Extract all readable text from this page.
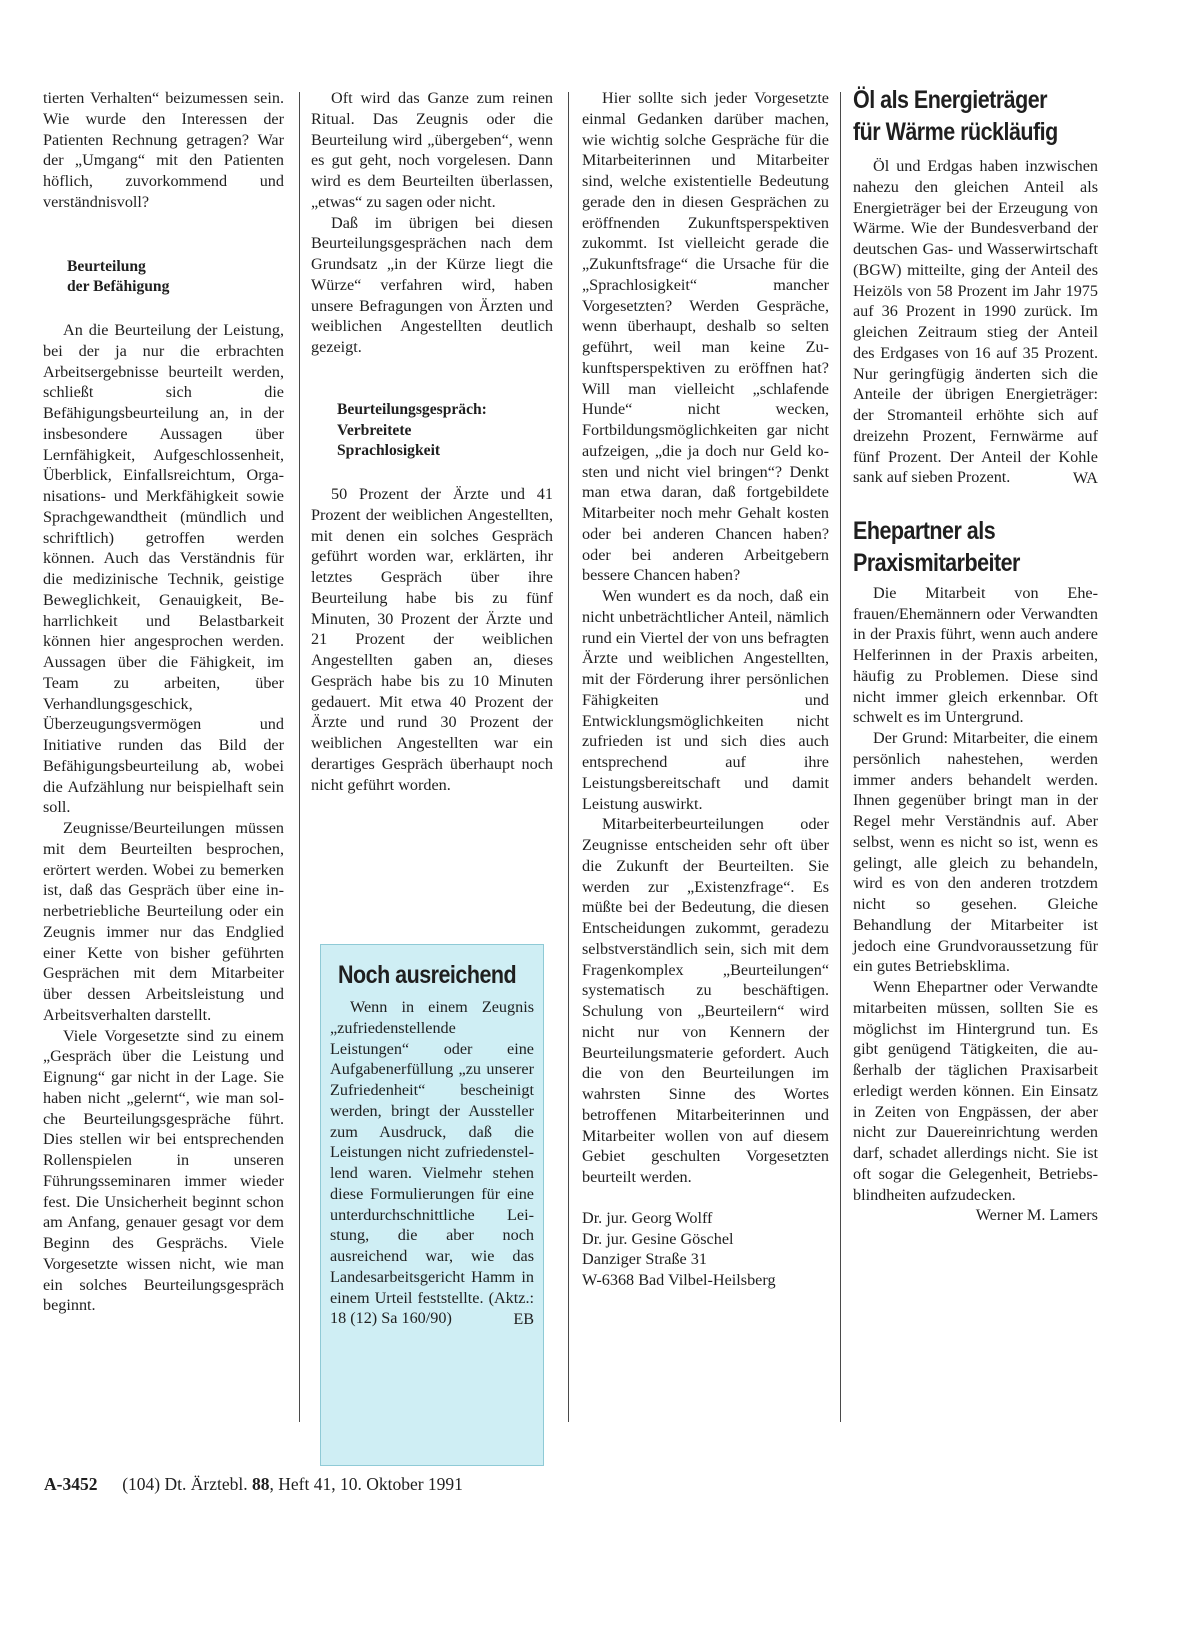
tierten Verhalten“ beizumessen sein. Wie wurde den Interessen der Patienten Rechnung getragen? War der „Umgang“ mit den Patienten höflich, zuvorkommend und verständnisvoll?

Beurteilung
der Befähigung

An die Beurteilung der Leistung, bei der ja nur die erbrachten Arbeitsergebnisse beurteilt werden, schließt sich die Befähigungsbeurteilung an, in der insbesondere Aussagen über Lernfähigkeit, Aufgeschlossenheit, Überblick, Einfallsreichtum, Organisations- und Merkfähigkeit sowie Sprachgewandtheit (mündlich und schriftlich) getroffen werden können. Auch das Verständnis für die medizinische Technik, geistige Beweglichkeit, Genauigkeit, Beharrlichkeit und Belastbarkeit können hier angesprochen werden. Aussagen über die Fähigkeit, im Team zu arbeiten, über Verhandlungsgeschick, Überzeugungsvermögen und Initiative runden das Bild der Befähigungsbeurteilung ab, wobei die Aufzählung nur beispielhaft sein soll.

Zeugnisse/Beurteilungen müssen mit dem Beurteilten besprochen, erörtert werden. Wobei zu bemerken ist, daß das Gespräch über eine innerbetriebliche Beurteilung oder ein Zeugnis immer nur das Endglied einer Kette von bisher geführten Gesprächen mit dem Mitarbeiter über dessen Arbeitsleistung und Arbeitsverhalten darstellt.

Viele Vorgesetzte sind zu einem „Gespräch über die Leistung und Eignung“ gar nicht in der Lage. Sie haben nicht „gelernt“, wie man solche Beurteilungsgespräche führt. Dies stellen wir bei entsprechenden Rollenspielen in unseren Führungsseminaren immer wieder fest. Die Unsicherheit beginnt schon am Anfang, genauer gesagt vor dem Beginn des Gesprächs. Viele Vorgesetzte wissen nicht, wie man ein solches Beurteilungsgespräch beginnt.

Oft wird das Ganze zum reinen Ritual. Das Zeugnis oder die Beurteilung wird „übergeben“, wenn es gut geht, noch vorgelesen. Dann wird es dem Beurteilten überlassen, „etwas“ zu sagen oder nicht.

Daß im übrigen bei diesen Beurteilungsgesprächen nach dem Grundsatz „in der Kürze liegt die Würze“ verfahren wird, haben unsere Befragungen von Ärzten und weiblichen Angestellten deutlich gezeigt.

Beurteilungsgespräch:
Verbreitete
Sprachlosigkeit

50 Prozent der Ärzte und 41 Prozent der weiblichen Angestellten, mit denen ein solches Gespräch geführt worden war, erklärten, ihr letztes Gespräch über ihre Beurteilung habe bis zu fünf Minuten, 30 Prozent der Ärzte und 21 Prozent der weiblichen Angestellten gaben an, dieses Gespräch habe bis zu 10 Minuten gedauert. Mit etwa 40 Prozent der Ärzte und rund 30 Prozent der weiblichen Angestellten war ein derartiges Gespräch überhaupt noch nicht geführt worden.

Noch ausreichend

Wenn in einem Zeugnis „zufriedenstellende Leistungen“ oder eine Aufgabenerfüllung „zu unserer Zufriedenheit“ bescheinigt werden, bringt der Aussteller zum Ausdruck, daß die Leistungen nicht zufriedenstellend waren. Vielmehr stehen diese Formulierungen für eine unterdurchschnittliche Leistung, die aber noch ausreichend war, wie das Landesarbeitsgericht Hamm in einem Urteil feststellte. (Aktz.: 18 (12) Sa 160/90)	EB

Hier sollte sich jeder Vorgesetzte einmal Gedanken darüber machen, wie wichtig solche Gespräche für die Mitarbeiterinnen und Mitarbeiter sind, welche existentielle Bedeutung gerade den in diesen Gesprächen zu eröffnenden Zukunftsperspektiven zukommt. Ist vielleicht gerade die „Zukunftsfrage“ die Ursache für die „Sprachlosigkeit“ mancher Vorgesetzten? Werden Gespräche, wenn überhaupt, deshalb so selten geführt, weil man keine Zukunftsperspektiven zu eröffnen hat? Will man vielleicht „schlafende Hunde“ nicht wecken, Fortbildungsmöglichkeiten gar nicht aufzeigen, „die ja doch nur Geld kosten und nicht viel bringen“? Denkt man etwa daran, daß fortgebildete Mitarbeiter noch mehr Gehalt kosten oder bei anderen Chancen haben? oder bei anderen Arbeitgebern bessere Chancen haben?

Wen wundert es da noch, daß ein nicht unbeträchtlicher Anteil, nämlich rund ein Viertel der von uns befragten Ärzte und weiblichen Angestellten, mit der Förderung ihrer persönlichen Fähigkeiten und Entwicklungsmöglichkeiten nicht zufrieden ist und sich dies auch entsprechend auf ihre Leistungsbereitschaft und damit Leistung auswirkt.

Mitarbeiterbeurteilungen oder Zeugnisse entscheiden sehr oft über die Zukunft der Beurteilten. Sie werden zur „Existenzfrage“. Es müßte bei der Bedeutung, die diesen Entscheidungen zukommt, geradezu selbstverständlich sein, sich mit dem Fragenkomplex „Beurteilungen“ systematisch zu beschäftigen. Schulung von „Beurteilern“ wird nicht nur von Kennern der Beurteilungsmaterie gefordert. Auch die von den Beurteilungen im wahrsten Sinne des Wortes betroffenen Mitarbeiterinnen und Mitarbeiter wollen von auf diesem Gebiet geschulten Vorgesetzten beurteilt werden.

Dr. jur. Georg Wolff
Dr. jur. Gesine Göschel
Danziger Straße 31
W-6368 Bad Vilbel-Heilsberg
Öl als Energieträger
für Wärme rückläufig

Öl und Erdgas haben inzwischen nahezu den gleichen Anteil als Energieträger bei der Erzeugung von Wärme. Wie der Bundesverband der deutschen Gas- und Wasserwirtschaft (BGW) mitteilte, ging der Anteil des Heizöls von 58 Prozent im Jahr 1975 auf 36 Prozent in 1990 zurück. Im gleichen Zeitraum stieg der Anteil des Erdgases von 16 auf 35 Prozent. Nur geringfügig änderten sich die Anteile der übrigen Energieträger: der Stromanteil erhöhte sich auf dreizehn Prozent, Fernwärme auf fünf Prozent. Der Anteil der Kohle sank auf sieben Prozent.	WA

Ehepartner als
Praxismitarbeiter

Die Mitarbeit von Ehefrauen/Ehemännern oder Verwandten in der Praxis führt, wenn auch andere Helferinnen in der Praxis arbeiten, häufig zu Problemen. Diese sind nicht immer gleich erkennbar. Oft schwelt es im Untergrund.

Der Grund: Mitarbeiter, die einem persönlich nahestehen, werden immer anders behandelt werden. Ihnen gegenüber bringt man in der Regel mehr Verständnis auf. Aber selbst, wenn es nicht so ist, wenn es gelingt, alle gleich zu behandeln, wird es von den anderen trotzdem nicht so gesehen. Gleiche Behandlung der Mitarbeiter ist jedoch eine Grundvoraussetzung für ein gutes Betriebsklima.

Wenn Ehepartner oder Verwandte mitarbeiten müssen, sollten Sie es möglichst im Hintergrund tun. Es gibt genügend Tätigkeiten, die außerhalb der täglichen Praxisarbeit erledigt werden können. Ein Einsatz in Zeiten von Engpässen, der aber nicht zur Dauereinrichtung werden darf, schadet allerdings nicht. Sie ist oft sogar die Gelegenheit, Betriebsblindheiten aufzudecken.

Werner M. Lamers

A-3452 (104) Dt. Ärztebl. 88, Heft 41, 10. Oktober 1991
